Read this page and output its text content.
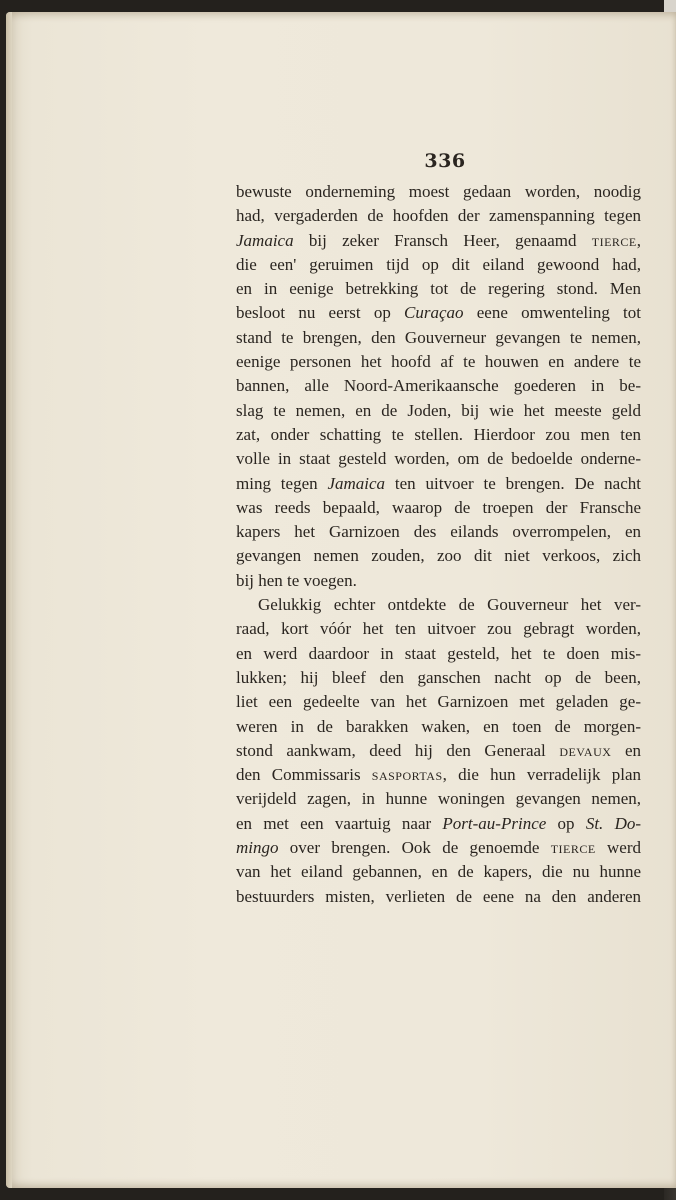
336
bewuste onderneming moest gedaan worden, noodig
had, vergaderden de hoofden der zamenspanning tegen
Jamaica bij zeker Fransch Heer, genaamd tierce,
die een' geruimen tijd op dit eiland gewoond had,
en in eenige betrekking tot de regering stond. Men
besloot nu eerst op Curaçao eene omwenteling tot
stand te brengen, den Gouverneur gevangen te nemen,
eenige personen het hoofd af te houwen en andere te
bannen, alle Noord-Amerikaansche goederen in be-
slag te nemen, en de Joden, bij wie het meeste geld
zat, onder schatting te stellen. Hierdoor zou men ten
volle in staat gesteld worden, om de bedoelde onderne-
ming tegen Jamaica ten uitvoer te brengen. De nacht
was reeds bepaald, waarop de troepen der Fransche
kapers het Garnizoen des eilands overrompelen, en
gevangen nemen zouden, zoo dit niet verkoos, zich
bij hen te voegen.
Gelukkig echter ontdekte de Gouverneur het ver-
raad, kort vóór het ten uitvoer zou gebragt worden,
en werd daardoor in staat gesteld, het te doen mis-
lukken; hij bleef den ganschen nacht op de been,
liet een gedeelte van het Garnizoen met geladen ge-
weren in de barakken waken, en toen de morgen-
stond aankwam, deed hij den Generaal devaux en
den Commissaris sasportas, die hun verradelijk plan
verijdeld zagen, in hunne woningen gevangen nemen,
en met een vaartuig naar Port-au-Prince op St. Do-
mingo over brengen. Ook de genoemde tierce werd
van het eiland gebannen, en de kapers, die nu hunne
bestuurders misten, verlieten de eene na den anderen
